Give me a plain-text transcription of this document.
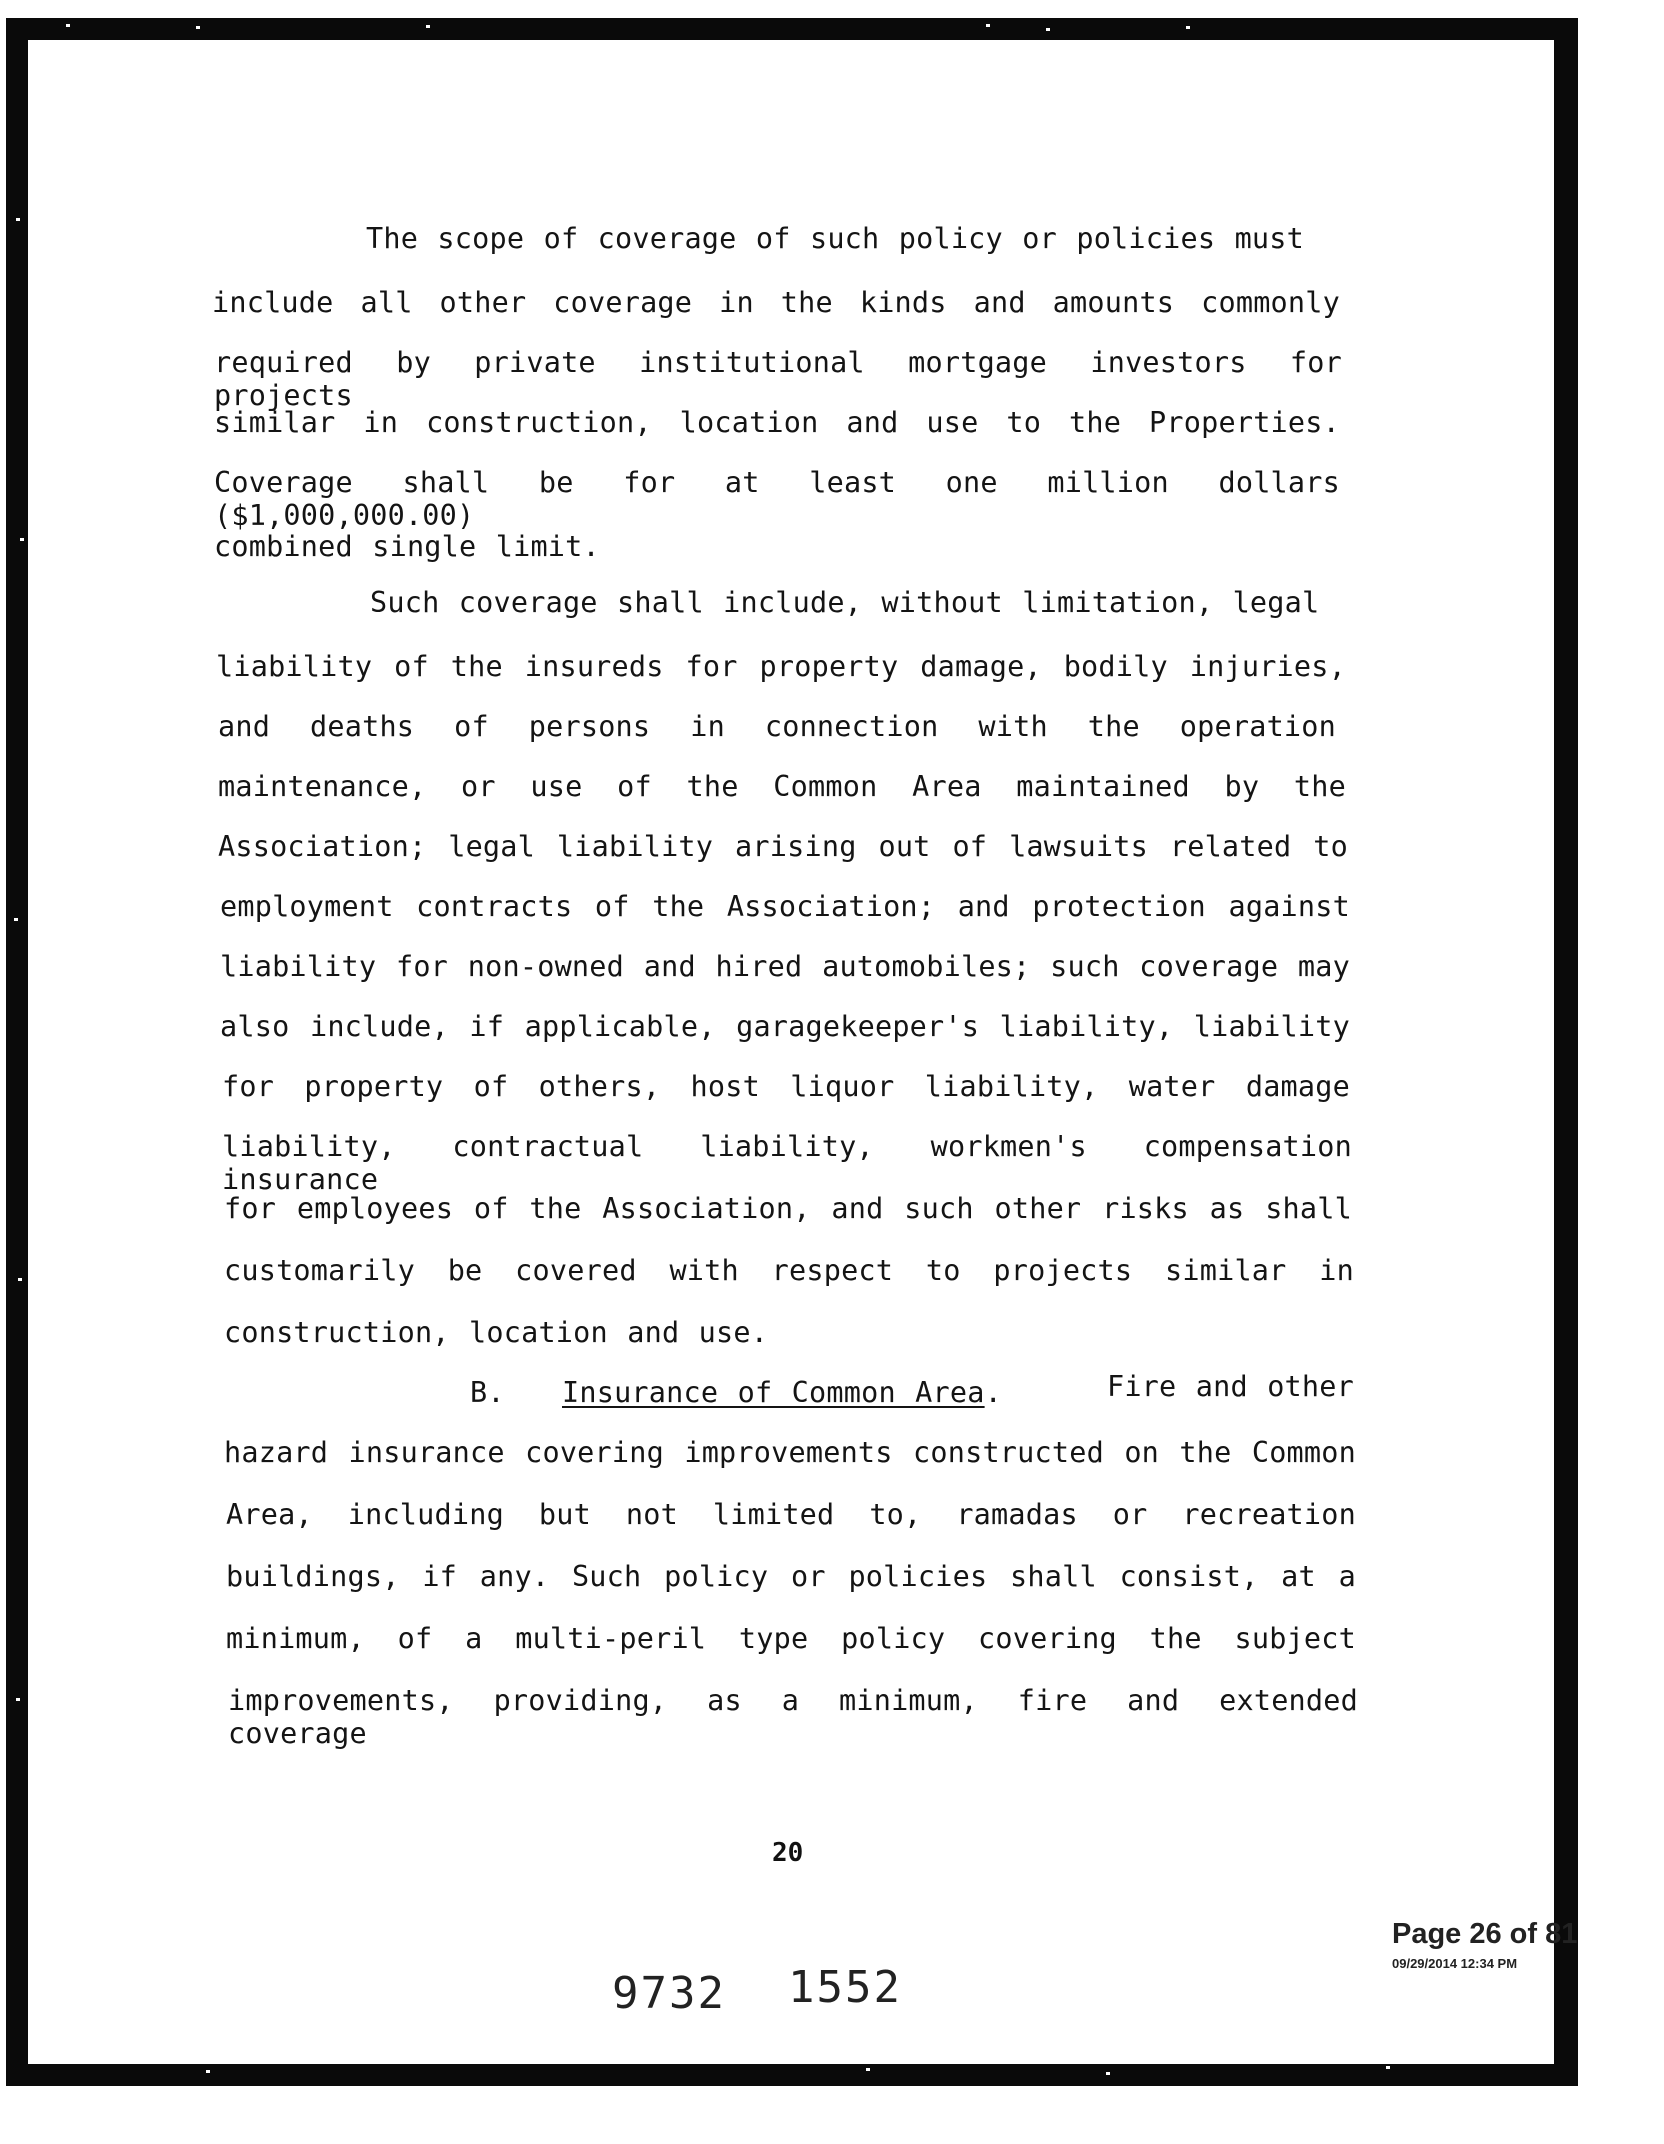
The scope of coverage of such policy or policies must
include all other coverage in the kinds and amounts commonly
required by private institutional mortgage investors for projects
similar in construction, location and use to the Properties.
Coverage shall be for at least one million dollars ($1,000,000.00)
combined single limit.
Such coverage shall include, without limitation, legal
liability of the insureds for property damage, bodily injuries,
and deaths of persons in connection with the operation
maintenance, or use of the Common Area maintained by the
Association; legal liability arising out of lawsuits related to
employment contracts of the Association; and protection against
liability for non-owned and hired automobiles; such coverage may
also include, if applicable, garagekeeper's liability, liability
for property of others, host liquor liability, water damage
liability, contractual liability, workmen's compensation insurance
for employees of the Association, and such other risks as shall
customarily be covered with respect to projects similar in
construction, location and use.
B. Insurance of Common Area.	Fire and other
hazard insurance covering improvements constructed on the Common
Area, including but not limited to, ramadas or recreation
buildings, if any. Such policy or policies shall consist, at a
minimum, of a multi-peril type policy covering the subject
improvements, providing, as a minimum, fire and extended coverage
20
9732 1552
Page 26 of 81
09/29/2014 12:34 PM
